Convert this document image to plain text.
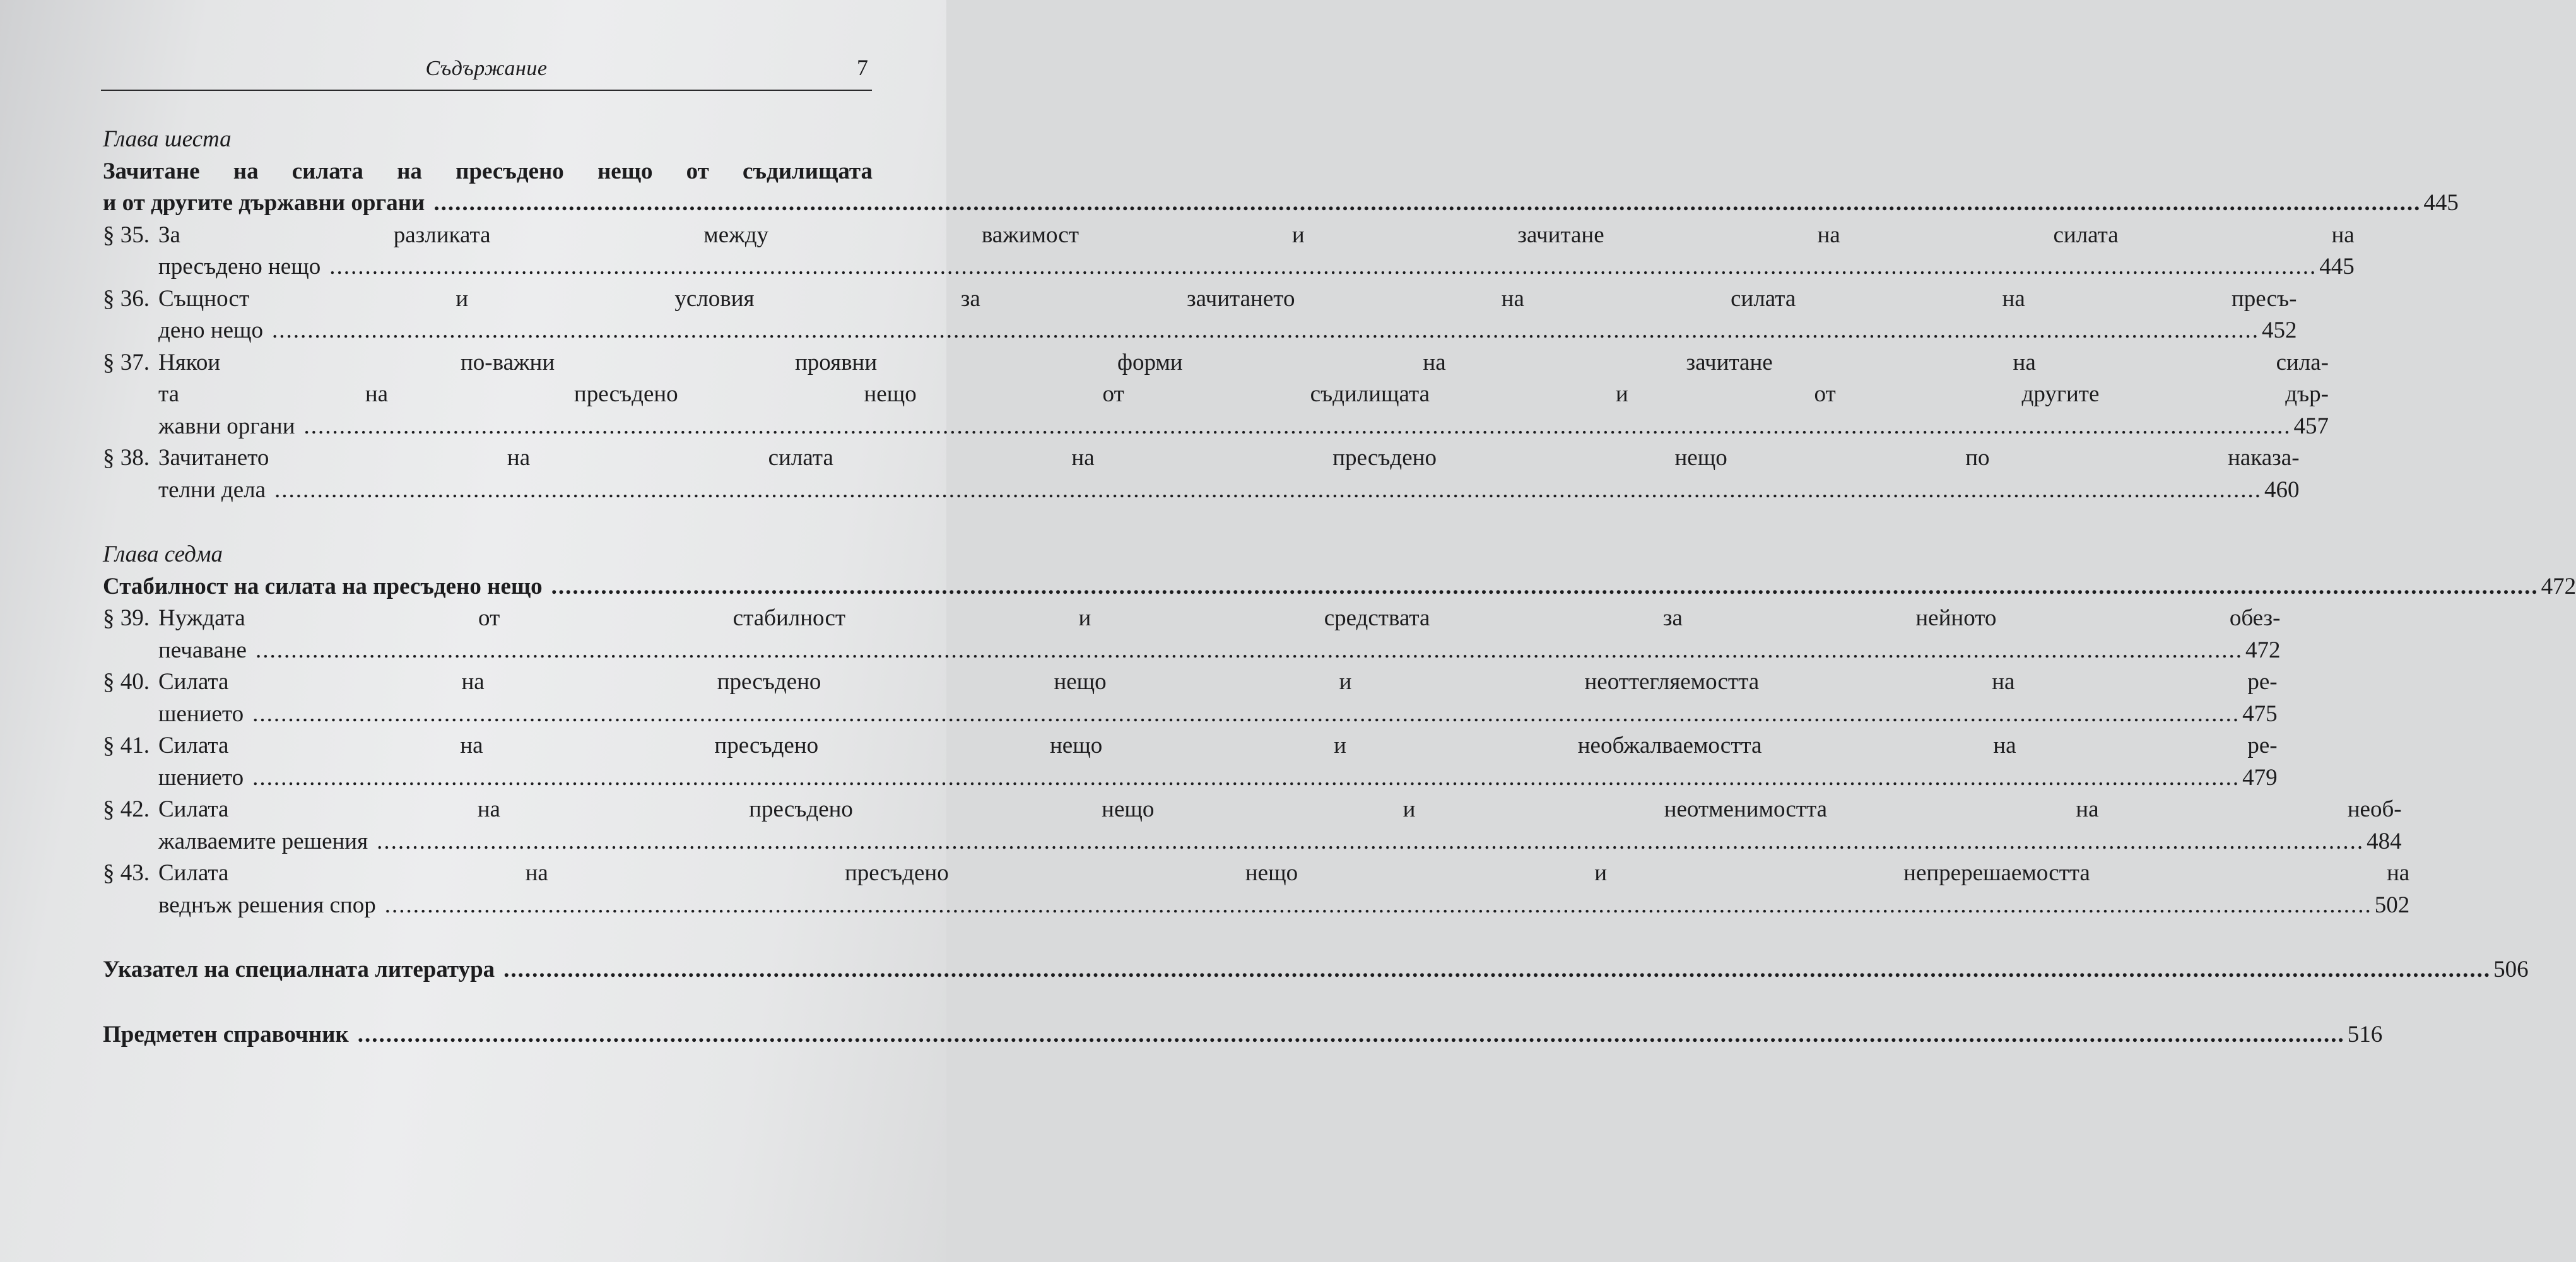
Съдържание	7
Глава шеста
Зачитане на силата на пресъдено нещо от съдилищата
и от другите държавни органи .....	445
§ 35. За разликата между важимост и зачитане на силата на
пресъдено нещо .....	445
§ 36. Същност и условия за зачитането на силата на пресъ-
дено нещо .....	452
§ 37. Някои по-важни проявни форми на зачитане на сила-
та на пресъдено нещо от съдилищата и от другите дър-
жавни органи .....	457
§ 38. Зачитането на силата на пресъдено нещо по наказа-
телни дела .....	460
Глава седма
Стабилност на силата на пресъдено нещо .....	472
§ 39. Нуждата от стабилност и средствата за нейното обез-
печаване .....	472
§ 40. Силата на пресъдено нещо и неоттегляемостта на ре-
шението .....	475
§ 41. Силата на пресъдено нещо и необжалваемостта на ре-
шението .....	479
§ 42. Силата на пресъдено нещо и неотменимостта на необ-
жалваемите решения .....	484
§ 43. Силата на пресъдено нещо и непререшаемостта на
веднъж решения спор .....	502
Указател на специалната литература .....	506
Предметен справочник .....	516
